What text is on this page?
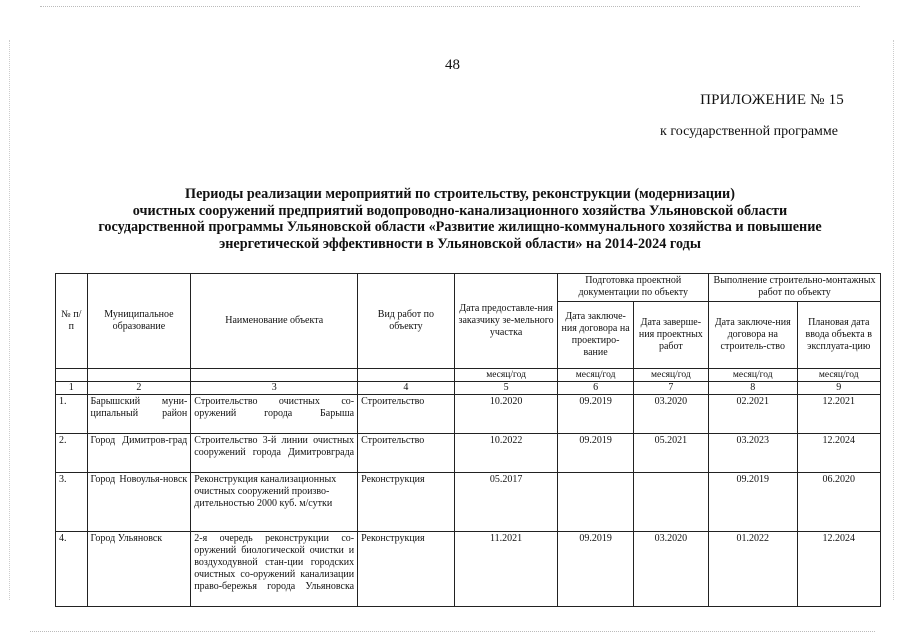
48
ПРИЛОЖЕНИЕ № 15
к государственной программе
Периоды реализации мероприятий по строительству, реконструкции (модернизации)
очистных сооружений предприятий водопроводно-канализационного хозяйства Ульяновской области
государственной программы Ульяновской области «Развитие жилищно-коммунального хозяйства и повышение
энергетической эффективности в Ульяновской области» на 2014-2024 годы
№ п/п	Муниципальное образование	Наименование объекта	Вид работ по объекту	Дата предоставле-ния заказчику зе-мельного участка	Подготовка проектной документации по объекту		Выполнение строительно-монтажных работ по объекту	
					Дата заключе-ния договора на проектиро-вание	Дата заверше-ния проектных работ	Дата заключе-ния договора на строитель-ство	Плановая дата ввода объекта в эксплуата-цию
				месяц/год	месяц/год	месяц/год	месяц/год	месяц/год
1	2	3	4	5	6	7	8	9
1.	Барышский муни-ципальный район	Строительство очистных со-оружений города Барыша	Строительство	10.2020	09.2019	03.2020	02.2021	12.2021
2.	Город Димитров-град	Строительство 3-й линии очистных сооружений города Димитровграда	Строительство	10.2022	09.2019	05.2021	03.2023	12.2024
3.	Город Новоулья-новск	Реконструкция канализационных очистных сооружений произво-дительностью 2000 куб. м/сутки	Реконструкция	05.2017			09.2019	06.2020
4.	Город Ульяновск	2-я очередь реконструкции со-оружений биологической очистки и воздуходувной стан-ции городских очистных со-оружений канализации право-бережья города Ульяновска	Реконструкция	11.2021	09.2019	03.2020	01.2022	12.2024
